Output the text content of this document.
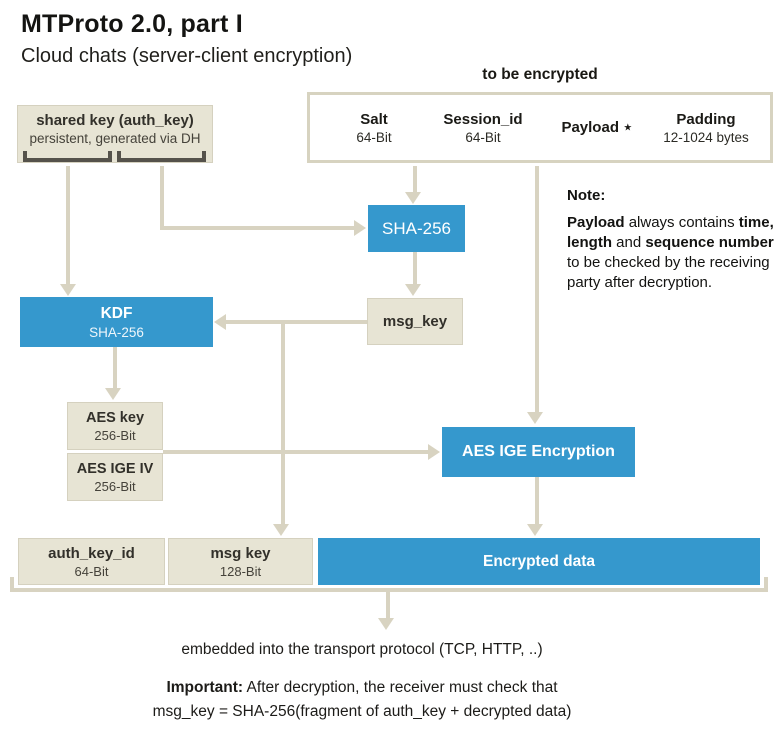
MTProto 2.0, part I
Cloud chats (server-client encryption)
to be encrypted
Salt
64-Bit
Session_id
64-Bit
Payload ⋆	Padding
12-1024 bytes
shared key (auth_key)
persistent, generated via DH
SHA-256
KDF
SHA-256
msg_key
Note:

Payload always contains time, length and sequence number to be checked by the receiving party after decryption.

AES key
256-Bit
AES IGE IV
256-Bit
AES IGE Encryption
auth_key_id
64-Bit
msg key
128-Bit
Encrypted data
embedded into the transport protocol (TCP, HTTP, ..)
Important: After decryption, the receiver must check that
msg_key = SHA-256(fragment of auth_key + decrypted data)
